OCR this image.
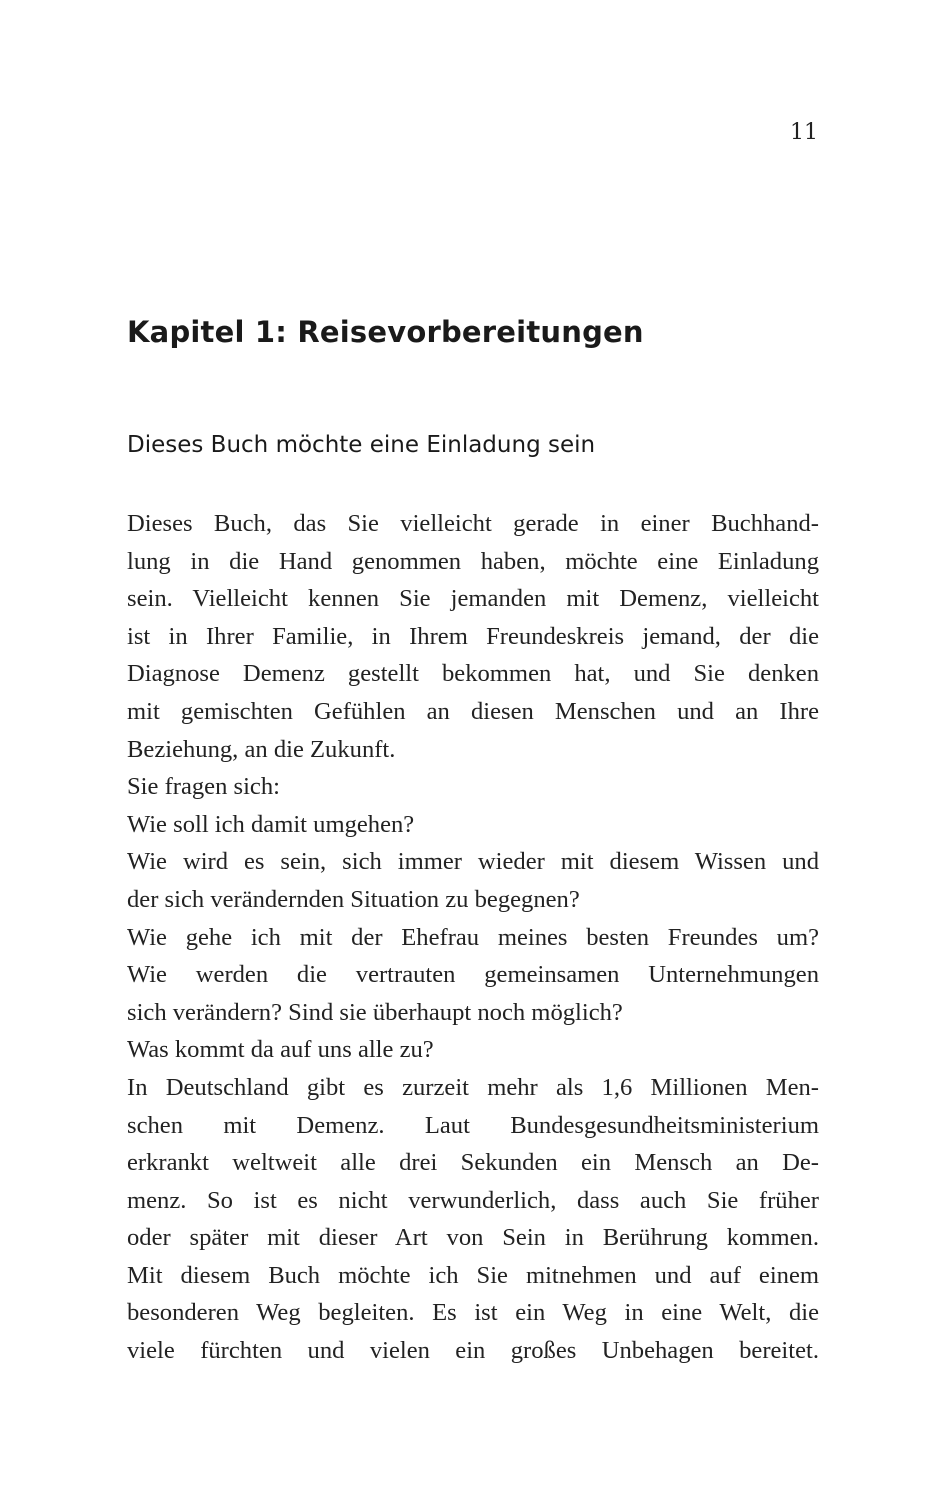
11
Kapitel 1: Reisevorbereitungen
Dieses Buch möchte eine Einladung sein
Dieses Buch, das Sie vielleicht gerade in einer Buchhand-
lung in die Hand genommen haben, möchte eine Einladung
sein. Vielleicht kennen Sie jemanden mit Demenz, vielleicht
ist in Ihrer Familie, in Ihrem Freundeskreis jemand, der die
Diagnose Demenz gestellt bekommen hat, und Sie denken
mit gemischten Gefühlen an diesen Menschen und an Ihre
Beziehung, an die Zukunft.
Sie fragen sich:
Wie soll ich damit umgehen?
Wie wird es sein, sich immer wieder mit diesem Wissen und
der sich verändernden Situation zu begegnen?
Wie gehe ich mit der Ehefrau meines besten Freundes um?
Wie werden die vertrauten gemeinsamen Unternehmungen
sich verändern? Sind sie überhaupt noch möglich?
Was kommt da auf uns alle zu?
In Deutschland gibt es zurzeit mehr als 1,6 Millionen Men-
schen mit Demenz. Laut Bundesgesundheitsministerium
erkrankt weltweit alle drei Sekunden ein Mensch an De-
menz. So ist es nicht verwunderlich, dass auch Sie früher
oder später mit dieser Art von Sein in Berührung kommen.
Mit diesem Buch möchte ich Sie mitnehmen und auf einem
besonderen Weg begleiten. Es ist ein Weg in eine Welt, die
viele fürchten und vielen ein großes Unbehagen bereitet.
